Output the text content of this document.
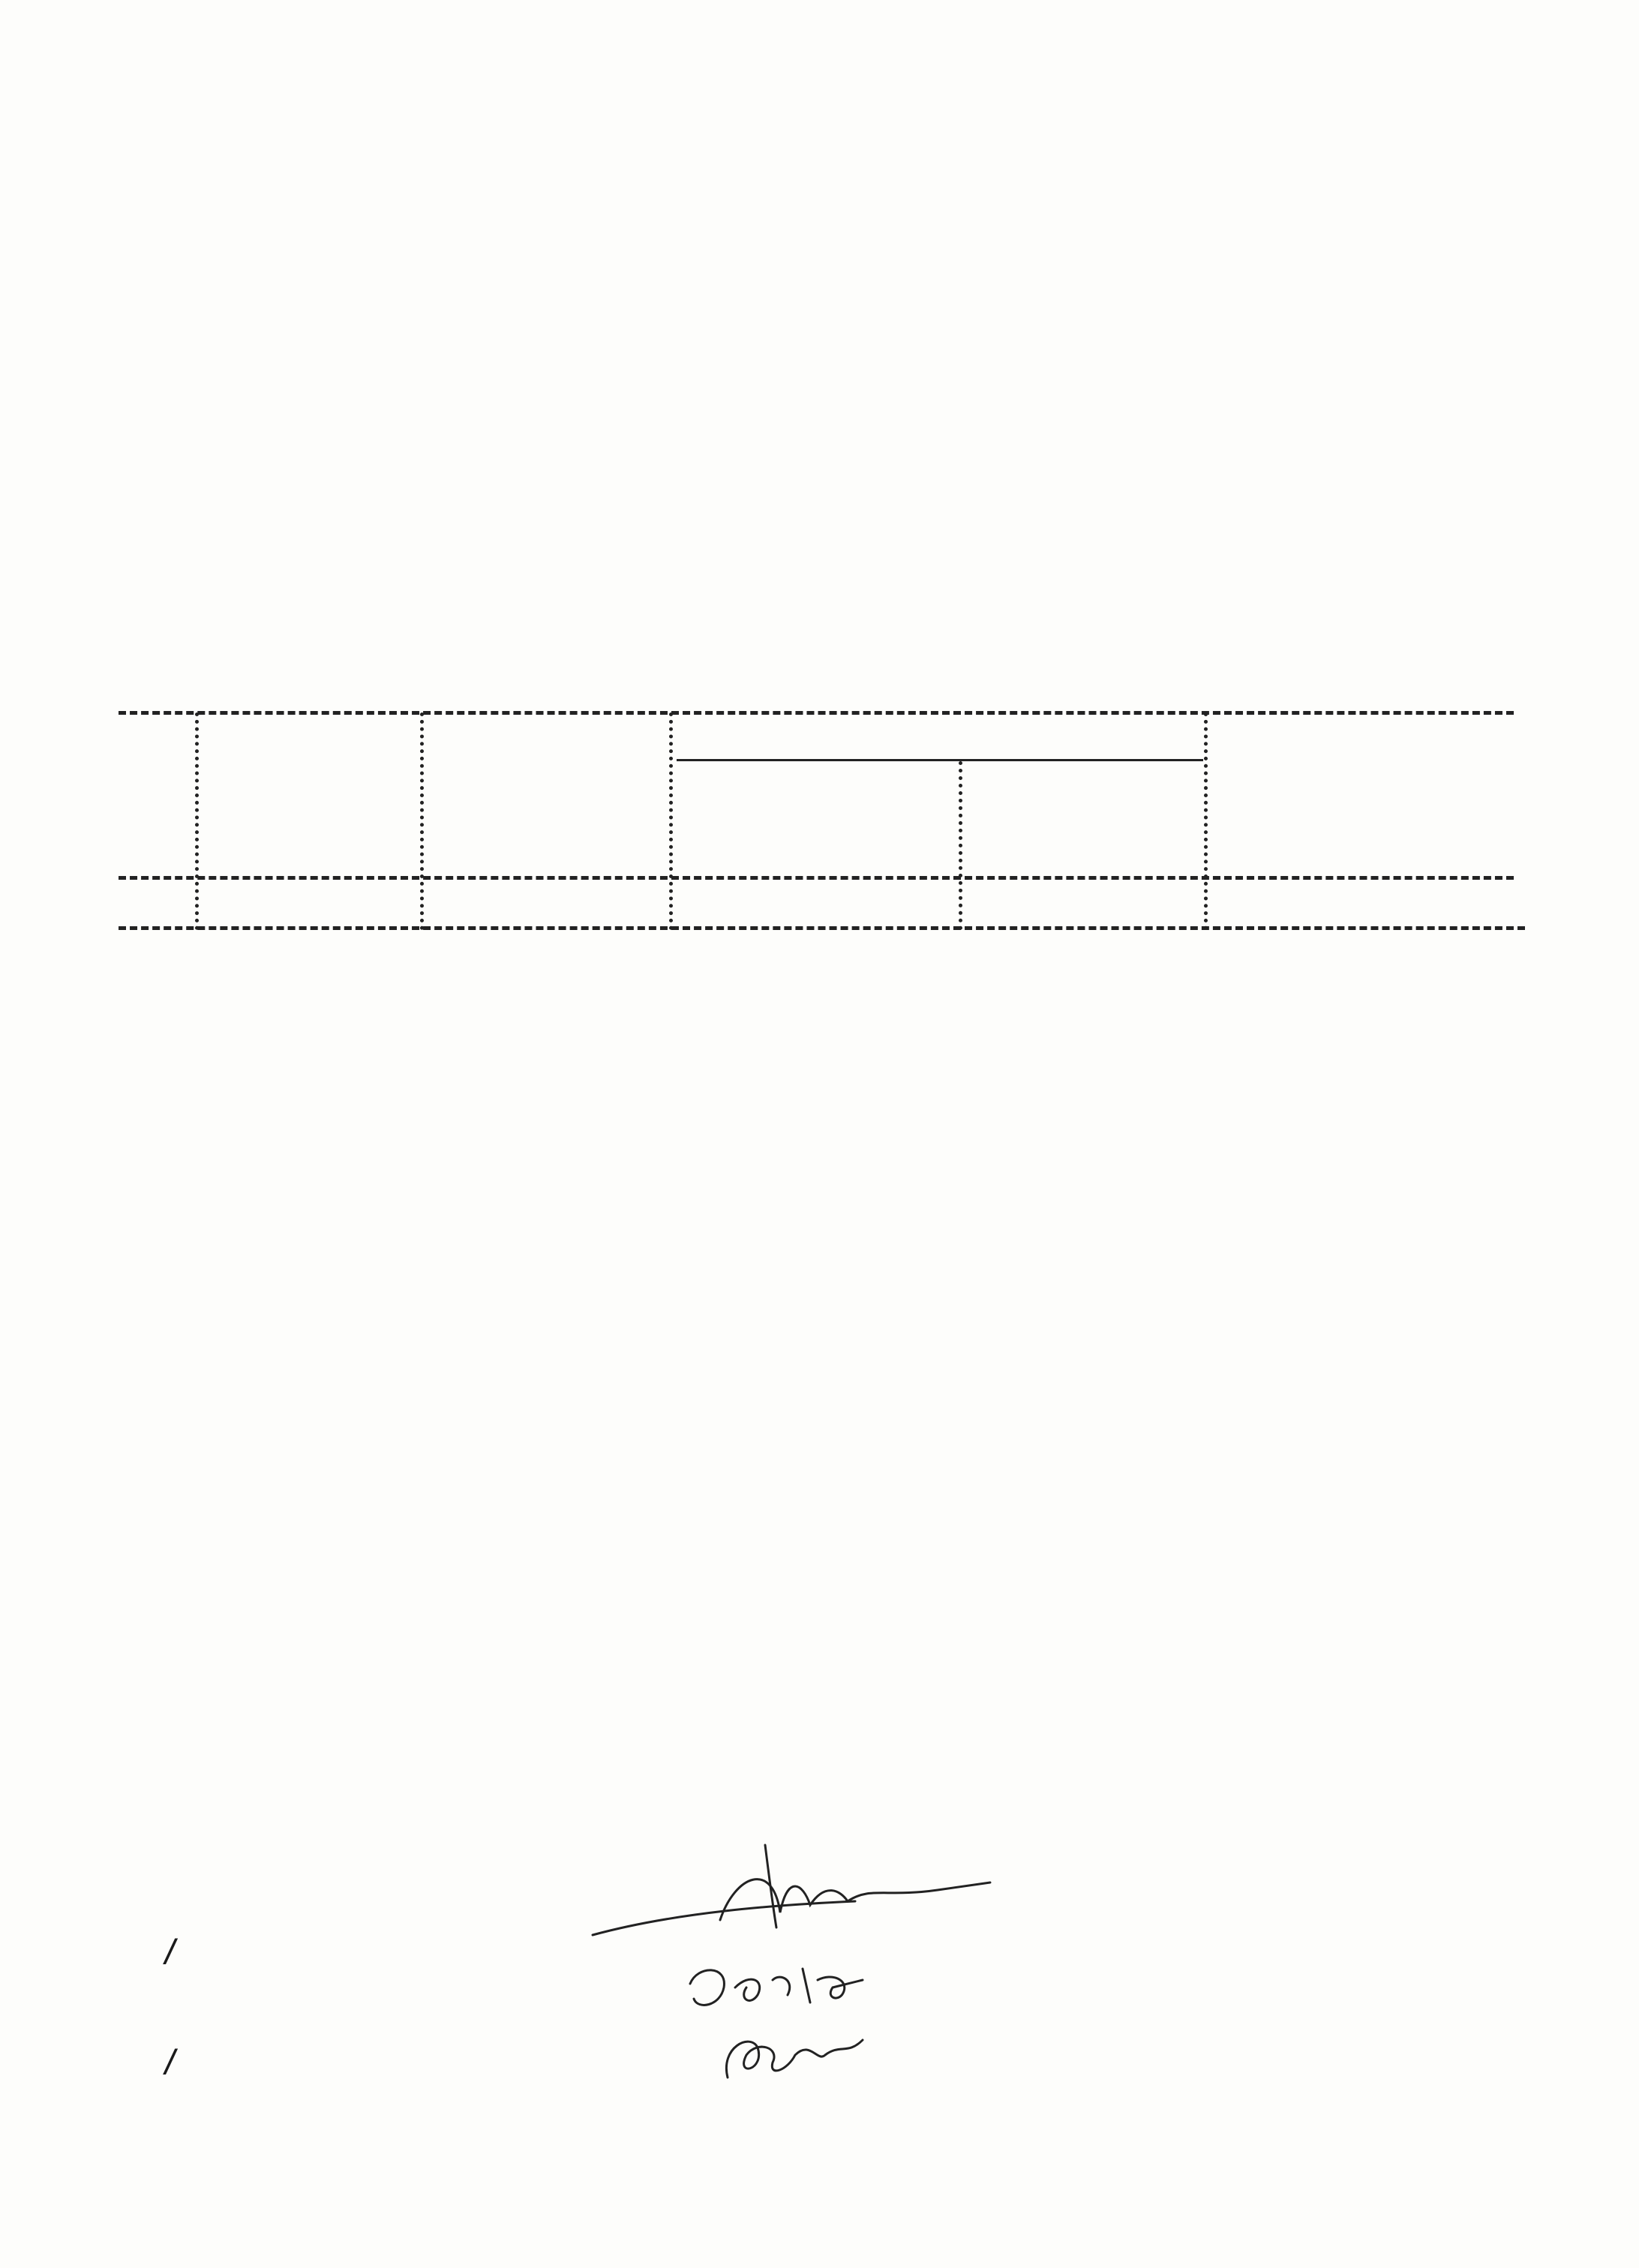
/

/
